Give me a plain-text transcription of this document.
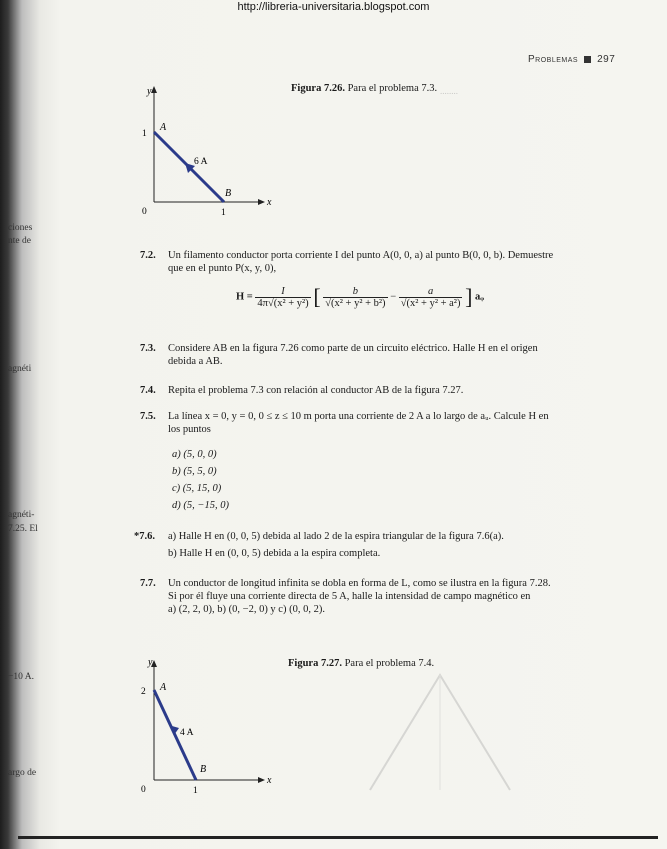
http://libreria-universitaria.blogspot.com
Problemas 297
........
ciones
nte de
agnéti
agnéti-
7.25. El
−10 A.
argo de
Figura 7.26. Para el problema 7.3.
y
x
A
B
6 A
1
0	1
7.2. Un filamento conductor porta corriente I del punto A(0, 0, a) al punto B(0, 0, b). Demuestre
que en el punto P(x, y, 0),
$H = \frac{I}{\text{4π√(x² + y²)}}$ [ $\frac{b}{\text{√(x² + y² + b²)}} - \frac{a}{\text{√(x² + y² + a²)}}$ ] aᵩ
7.3. Considere AB en la figura 7.26 como parte de un circuito eléctrico. Halle H en el origen
debida a AB.
7.4. Repita el problema 7.3 con relación al conductor AB de la figura 7.27.
7.5. La línea x = 0, y = 0, 0 ≤ z ≤ 10 m porta una corriente de 2 A a lo largo de aᵤ. Calcule H en
los puntos
a) (5, 0, 0)
b) (5, 5, 0)
c) (5, 15, 0)
d) (5, −15, 0)
*7.6. a) Halle H en (0, 0, 5) debida al lado 2 de la espira triangular de la figura 7.6(a).
b) Halle H en (0, 0, 5) debida a la espira completa.
7.7. Un conductor de longitud infinita se dobla en forma de L, como se ilustra en la figura 7.28.
Si por él fluye una corriente directa de 5 A, halle la intensidad de campo magnético en
a) (2, 2, 0), b) (0, −2, 0) y c) (0, 0, 2).
Figura 7.27. Para el problema 7.4.
y
x
A
B
4 A
2
0	1
